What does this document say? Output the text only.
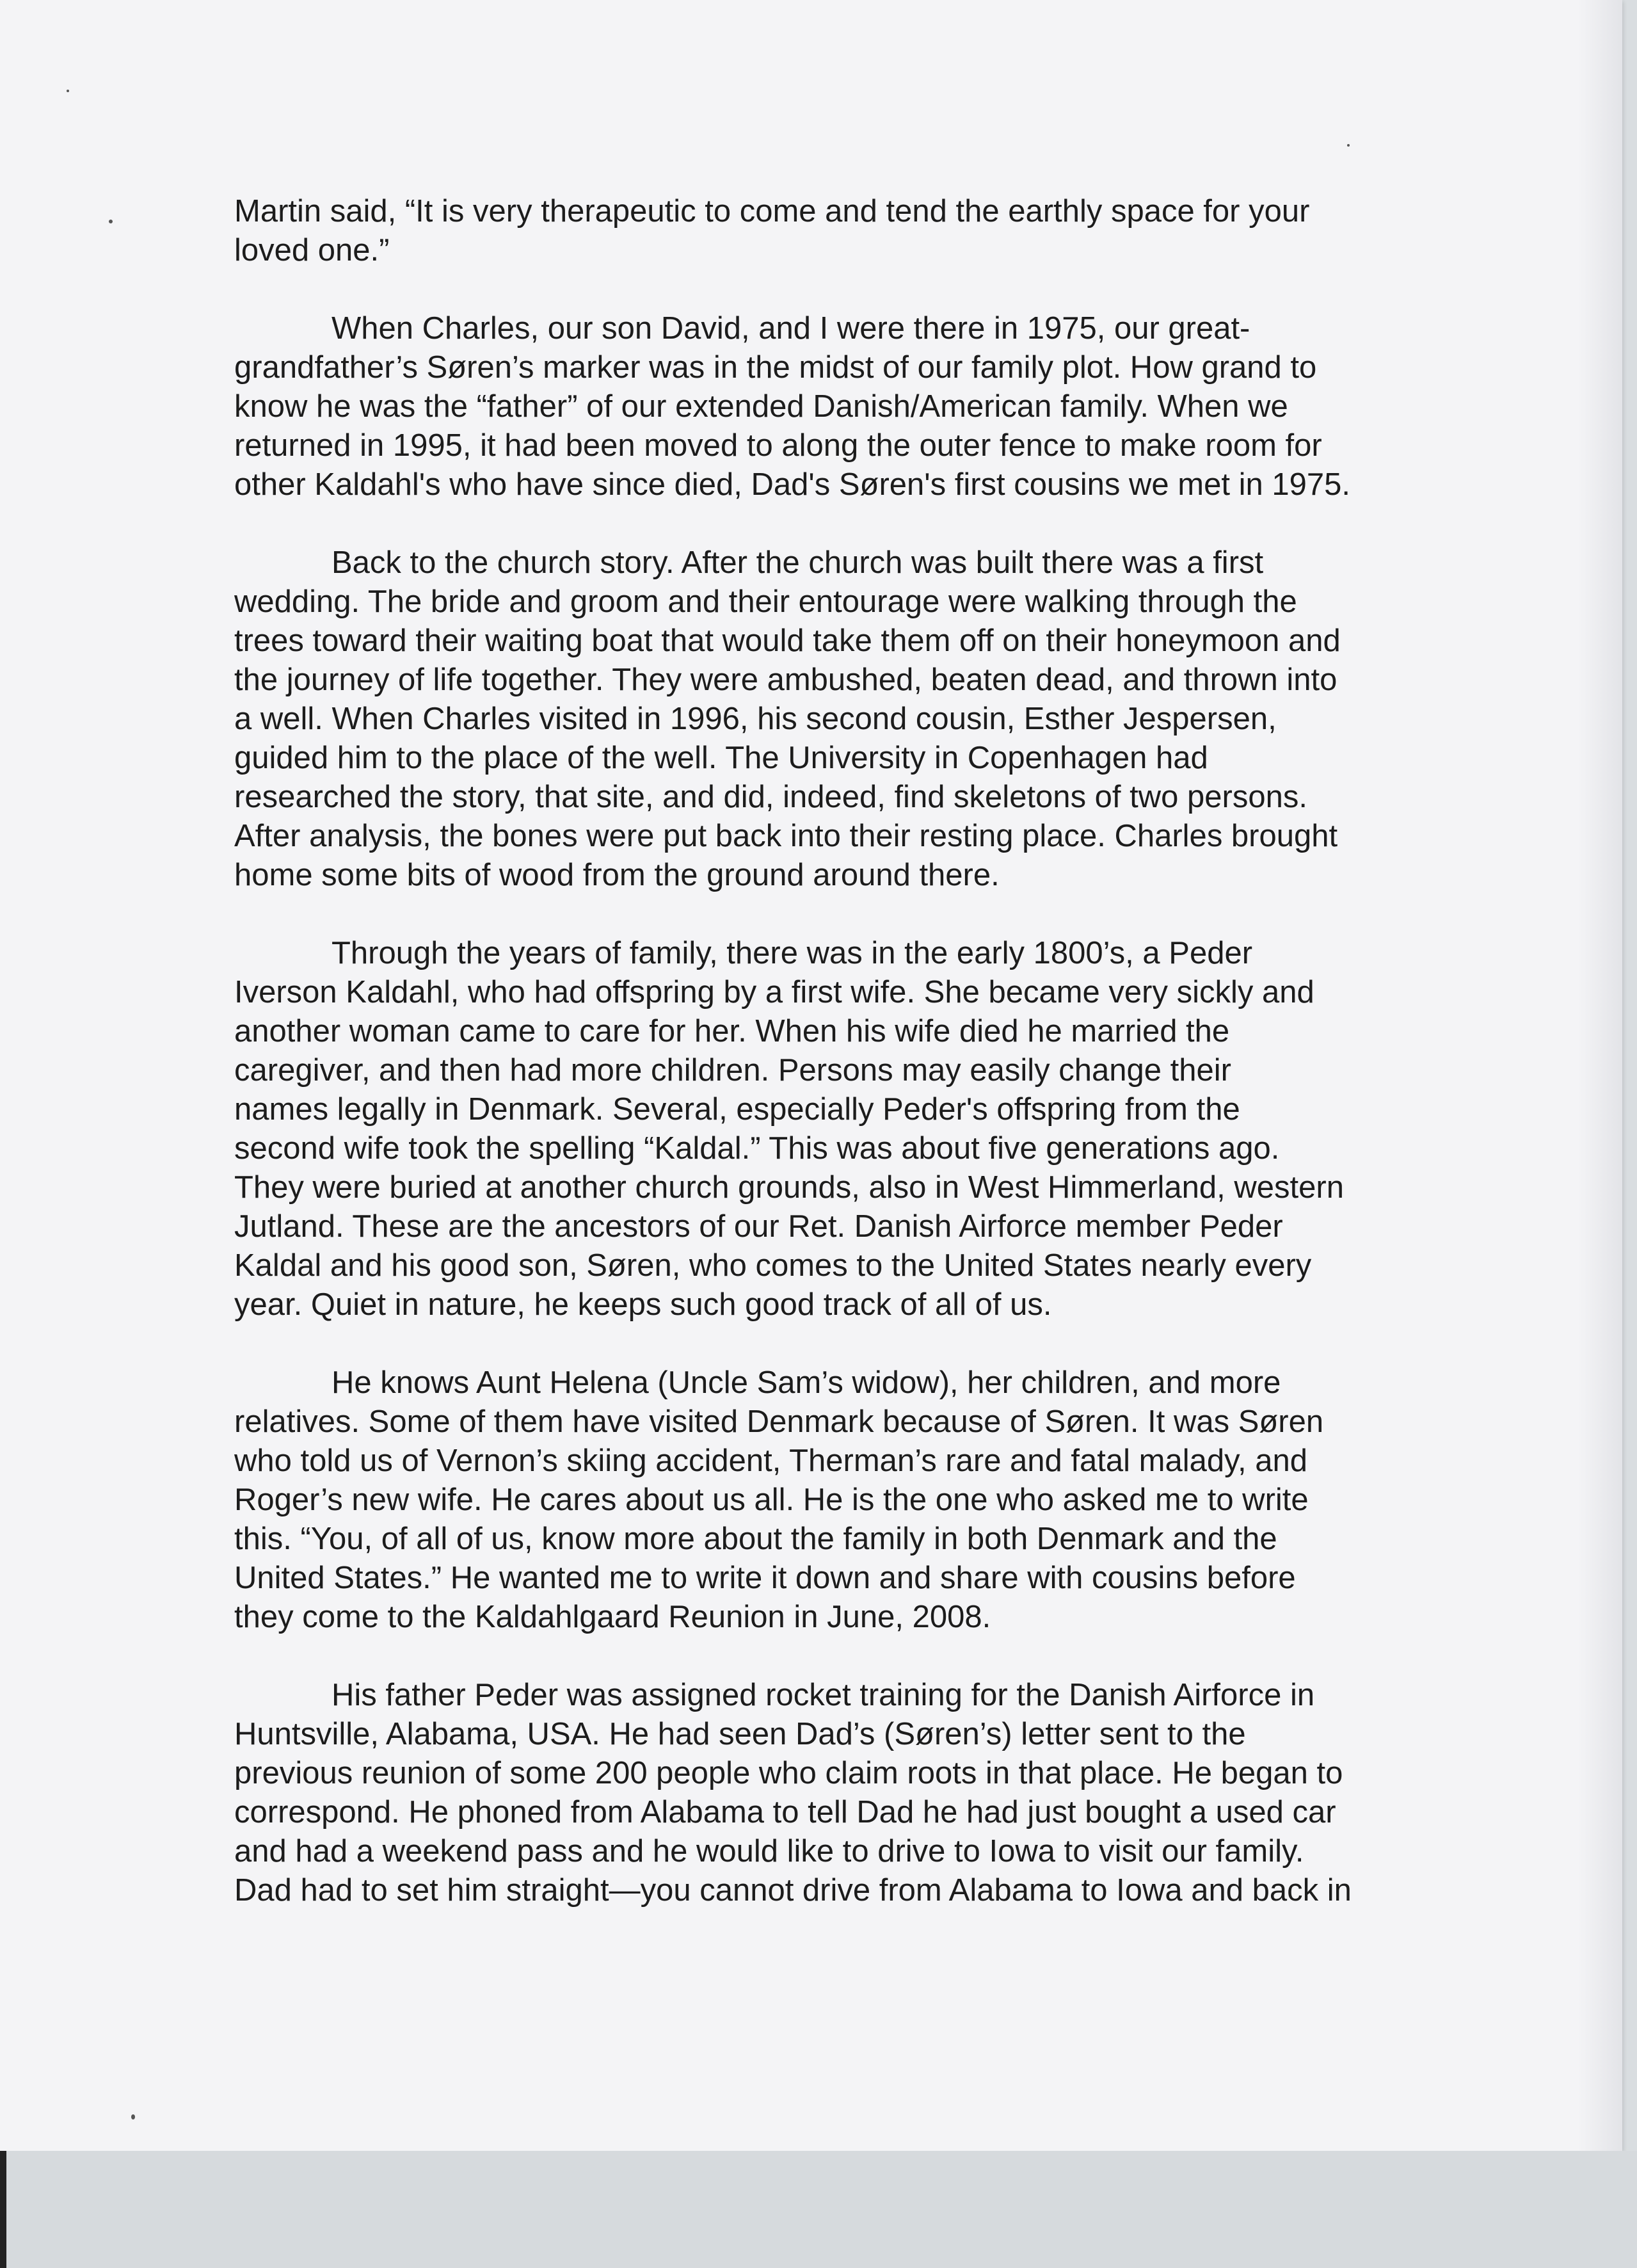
Martin said, “It is very therapeutic to come and tend the earthly space for your
loved one.”

When Charles, our son David, and I were there in 1975, our great-
grandfather’s Søren’s marker was in the midst of our family plot. How grand to
know he was the “father” of our extended Danish/American family. When we
returned in 1995, it had been moved to along the outer fence to make room for
other Kaldahl's who have since died, Dad's Søren's first cousins we met in 1975.

Back to the church story. After the church was built there was a first
wedding. The bride and groom and their entourage were walking through the
trees toward their waiting boat that would take them off on their honeymoon and
the journey of life together. They were ambushed, beaten dead, and thrown into
a well. When Charles visited in 1996, his second cousin, Esther Jespersen,
guided him to the place of the well. The University in Copenhagen had
researched the story, that site, and did, indeed, find skeletons of two persons.
After analysis, the bones were put back into their resting place. Charles brought
home some bits of wood from the ground around there.

Through the years of family, there was in the early 1800’s, a Peder
Iverson Kaldahl, who had offspring by a first wife. She became very sickly and
another woman came to care for her. When his wife died he married the
caregiver, and then had more children. Persons may easily change their
names legally in Denmark. Several, especially Peder's offspring from the
second wife took the spelling “Kaldal.” This was about five generations ago.
They were buried at another church grounds, also in West Himmerland, western
Jutland. These are the ancestors of our Ret. Danish Airforce member Peder
Kaldal and his good son, Søren, who comes to the United States nearly every
year. Quiet in nature, he keeps such good track of all of us.

He knows Aunt Helena (Uncle Sam’s widow), her children, and more
relatives. Some of them have visited Denmark because of Søren. It was Søren
who told us of Vernon’s skiing accident, Therman’s rare and fatal malady, and
Roger’s new wife. He cares about us all. He is the one who asked me to write
this. “You, of all of us, know more about the family in both Denmark and the
United States.” He wanted me to write it down and share with cousins before
they come to the Kaldahlgaard Reunion in June, 2008.

His father Peder was assigned rocket training for the Danish Airforce in
Huntsville, Alabama, USA. He had seen Dad’s (Søren’s) letter sent to the
previous reunion of some 200 people who claim roots in that place. He began to
correspond. He phoned from Alabama to tell Dad he had just bought a used car
and had a weekend pass and he would like to drive to Iowa to visit our family.
Dad had to set him straight—you cannot drive from Alabama to Iowa and back in
